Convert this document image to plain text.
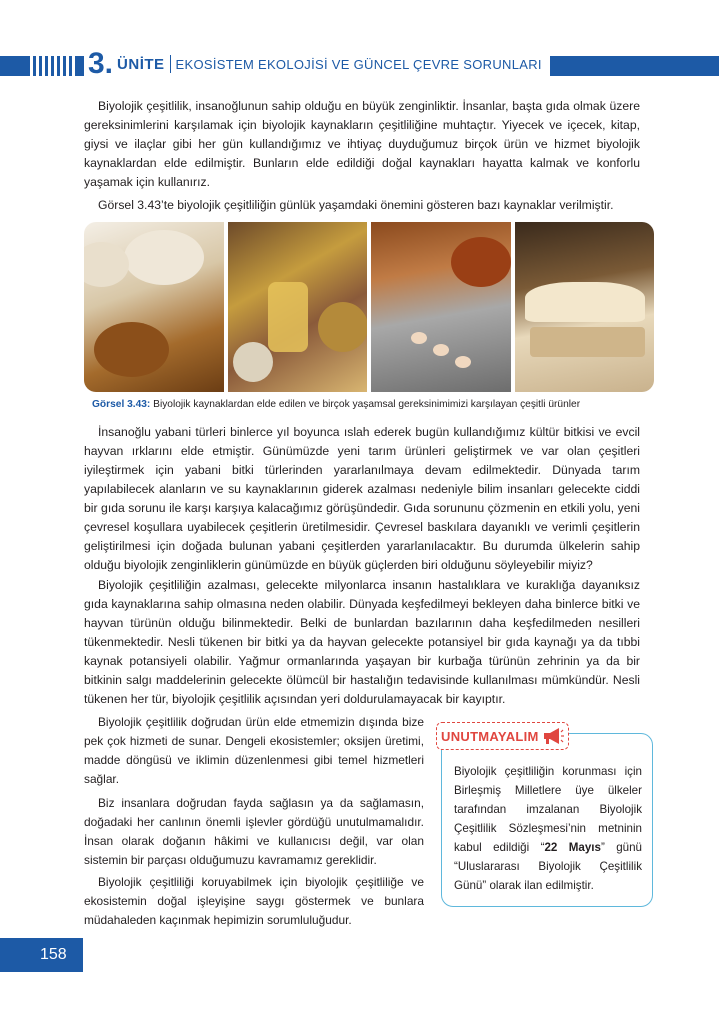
3. ÜNİTE EKOSİSTEM EKOLOJİSİ VE GÜNCEL ÇEVRE SORUNLARI

Biyolojik çeşitlilik, insanoğlunun sahip olduğu en büyük zenginliktir. İnsanlar, başta gıda olmak üzere gereksinimlerini karşılamak için biyolojik kaynakların çeşitliliğine muhtaçtır. Yiyecek ve içecek, kitap, giysi ve ilaçlar gibi her gün kullandığımız ve ihtiyaç duyduğumuz birçok ürün ve hizmet biyolojik kaynaklardan elde edilmiştir. Bunların elde edildiği doğal kaynakları hayatta kalmak ve konforlu yaşamak için kullanırız.

Görsel 3.43’te biyolojik çeşitliliğin günlük yaşamdaki önemini gösteren bazı kaynaklar verilmiştir.

Görsel 3.43: Biyolojik kaynaklardan elde edilen ve birçok yaşamsal gereksinimimizi karşılayan çeşitli ürünler

İnsanoğlu yabani türleri binlerce yıl boyunca ıslah ederek bugün kullandığımız kültür bitkisi ve evcil hayvan ırklarını elde etmiştir. Günümüzde yeni tarım ürünleri geliştirmek ve var olan çeşitleri iyileştirmek için yabani bitki türlerinden yararlanılmaya devam edilmektedir. Dünyada tarım yapılabilecek alanların ve su kaynaklarının giderek azalması nedeniyle bilim insanları gelecekte ciddi bir gıda sorunu ile karşı karşıya kalacağımız görüşündedir. Gıda sorununu çözmenin en etkili yolu, yeni çevresel koşullara uyabilecek çeşitlerin üretilmesidir. Çevresel baskılara dayanıklı ve verimli çeşitlerin geliştirilmesi için doğada bulunan yabani çeşitlerden yararlanılacaktır. Bu durumda ülkelerin sahip olduğu biyolojik zenginliklerin günümüzde en büyük güçlerden biri olduğunu söyleyebilir miyiz?

Biyolojik çeşitliliğin azalması, gelecekte milyonlarca insanın hastalıklara ve kuraklığa dayanıksız gıda kaynaklarına sahip olmasına neden olabilir. Dünyada keşfedilmeyi bekleyen daha binlerce bitki ve hayvan türünün olduğu bilinmektedir. Belki de bunlardan bazılarının daha keşfedilmeden nesilleri tükenmektedir. Nesli tükenen bir bitki ya da hayvan gelecekte potansiyel bir gıda kaynağı ya da tıbbi kaynak potansiyeli olabilir. Yağmur ormanlarında yaşayan bir kurbağa türünün zehrinin ya da bir bitkinin salgı maddelerinin gelecekte ölümcül bir hastalığın tedavisinde kullanılması mümkündür. Nesli tükenen her tür, biyolojik çeşitlilik açısından yeri doldurulamayacak bir kayıptır.

Biyolojik çeşitlilik doğrudan ürün elde etmemizin dışında bize pek çok hizmeti de sunar. Dengeli ekosistemler; oksijen üretimi, madde döngüsü ve iklimin düzenlenmesi gibi temel hizmetleri sağlar.

Biz insanlara doğrudan fayda sağlasın ya da sağlamasın, doğadaki her canlının önemli işlevler gördüğü unutulmamalıdır. İnsan olarak doğanın hâkimi ve kullanıcısı değil, var olan sistemin bir parçası olduğumuzu kavramamız gereklidir.

Biyolojik çeşitliliği koruyabilmek için biyolojik çeşitliliğe ve ekosistemin doğal işleyişine saygı göstermek ve bunlara müdahaleden kaçınmak hepimizin sorumluluğudur.

UNUTMAYALIM

Biyolojik çeşitliliğin korunması için Birleşmiş Milletlere üye ülkeler tarafından imzalanan Biyolojik Çeşitlilik Sözleşmesi’nin metninin kabul edildiği “22 Mayıs” günü “Uluslararası Biyolojik Çeşitlilik Günü” olarak ilan edilmiştir.

158
